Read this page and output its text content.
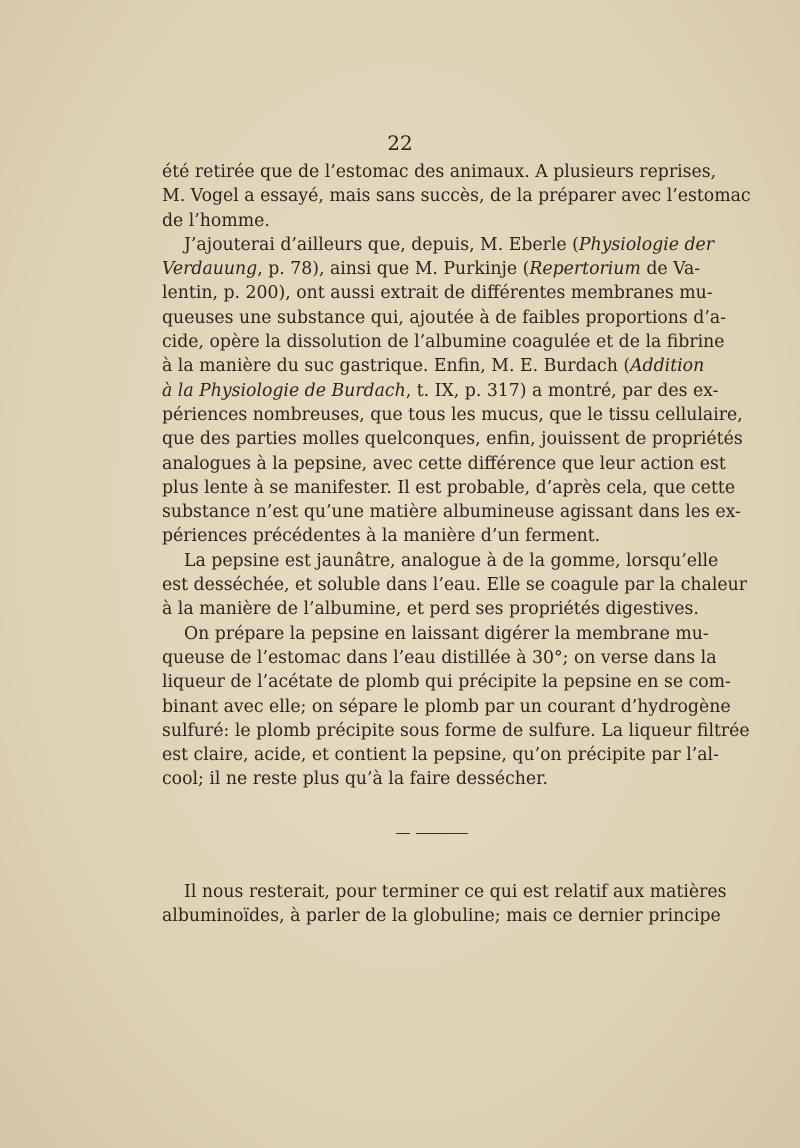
22
été retirée que de l’estomac des animaux. A plusieurs reprises,
M. Vogel a essayé, mais sans succès, de la préparer avec l’estomac
de l’homme.
J’ajouterai d’ailleurs que, depuis, M. Eberle (Physiologie der
Verdauung, p. 78), ainsi que M. Purkinje (Repertorium de Va-
lentin, p. 200), ont aussi extrait de différentes membranes mu-
queuses une substance qui, ajoutée à de faibles proportions d’a-
cide, opère la dissolution de l’albumine coagulée et de la fibrine
à la manière du suc gastrique. Enfin, M. E. Burdach (Addition
à la Physiologie de Burdach, t. IX, p. 317) a montré, par des ex-
périences nombreuses, que tous les mucus, que le tissu cellulaire,
que des parties molles quelconques, enfin, jouissent de propriétés
analogues à la pepsine, avec cette différence que leur action est
plus lente à se manifester. Il est probable, d’après cela, que cette
substance n’est qu’une matière albumineuse agissant dans les ex-
périences précédentes à la manière d’un ferment.
La pepsine est jaunâtre, analogue à de la gomme, lorsqu’elle
est desséchée, et soluble dans l’eau. Elle se coagule par la chaleur
à la manière de l’albumine, et perd ses propriétés digestives.
On prépare la pepsine en laissant digérer la membrane mu-
queuse de l’estomac dans l’eau distillée à 30°; on verse dans la
liqueur de l’acétate de plomb qui précipite la pepsine en se com-
binant avec elle; on sépare le plomb par un courant d’hydrogène
sulfuré: le plomb précipite sous forme de sulfure. La liqueur filtrée
est claire, acide, et contient la pepsine, qu’on précipite par l’al-
cool; il ne reste plus qu’à la faire dessécher.
Il nous resterait, pour terminer ce qui est relatif aux matières
albuminoïdes, à parler de la globuline; mais ce dernier principe
